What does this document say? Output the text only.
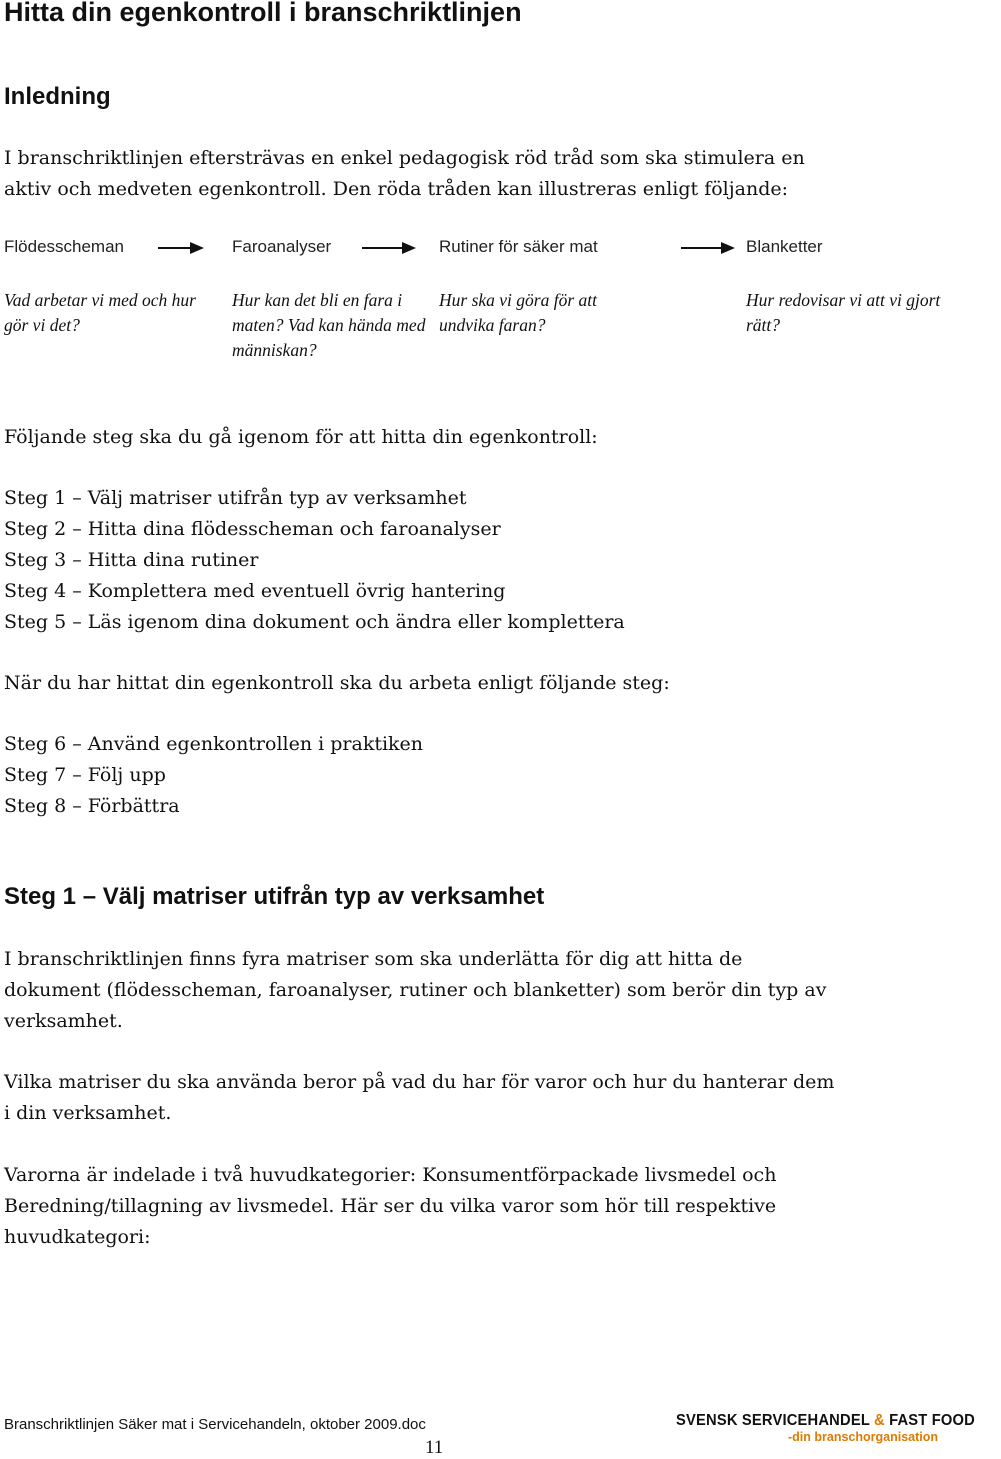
Hitta din egenkontroll i branschriktlinjen
Inledning

I branschriktlinjen eftersträvas en enkel pedagogisk röd tråd som ska stimulera en aktiv och medveten egenkontroll. Den röda tråden kan illustreras enligt följande:

Flödesscheman	Faroanalyser	Rutiner för säker mat	Blanketter

Vad arbetar vi med och hur gör vi det?

Hur kan det bli en fara i maten? Vad kan hända med människan?

Hur ska vi göra för att undvika faran?

Hur redovisar vi att vi gjort rätt?

Följande steg ska du gå igenom för att hitta din egenkontroll:

Steg 1 – Välj matriser utifrån typ av verksamhet
Steg 2 – Hitta dina flödesscheman och faroanalyser
Steg 3 – Hitta dina rutiner
Steg 4 – Komplettera med eventuell övrig hantering
Steg 5 – Läs igenom dina dokument och ändra eller komplettera

När du har hittat din egenkontroll ska du arbeta enligt följande steg:

Steg 6 – Använd egenkontrollen i praktiken
Steg 7 – Följ upp
Steg 8 – Förbättra
Steg 1 – Välj matriser utifrån typ av verksamhet

I branschriktlinjen finns fyra matriser som ska underlätta för dig att hitta de dokument (flödesscheman, faroanalyser, rutiner och blanketter) som berör din typ av verksamhet.

Vilka matriser du ska använda beror på vad du har för varor och hur du hanterar dem i din verksamhet.

Varorna är indelade i två huvudkategorier: Konsumentförpackade livsmedel och Beredning/tillagning av livsmedel. Här ser du vilka varor som hör till respektive huvudkategori:

Branschriktlinjen Säker mat i Servicehandeln, oktober 2009.doc
11
SVENSK SERVICEHANDEL & FAST FOOD
-din branschorganisation
